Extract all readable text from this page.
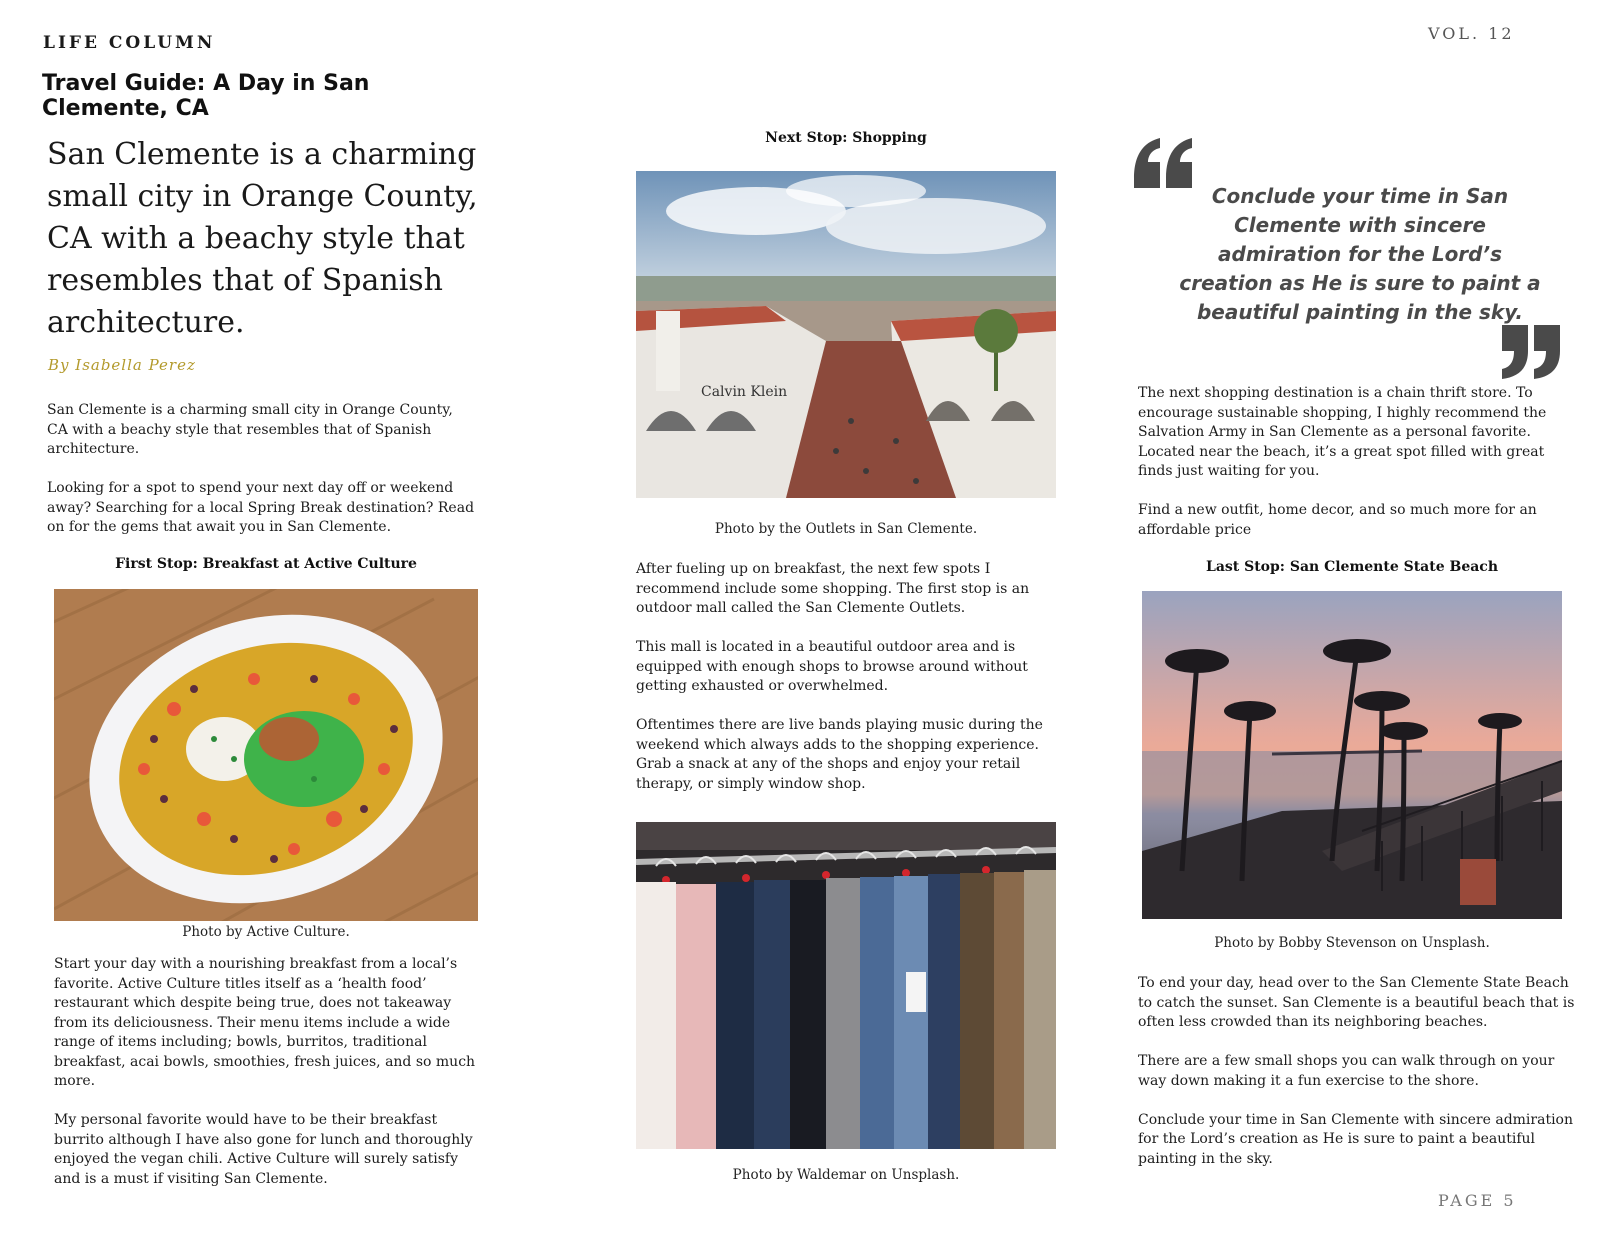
LIFE COLUMN	VOL. 12
PAGE 5
Travel Guide: A Day in San Clemente, CA
San Clemente is a charming small city in Orange County, CA with a beachy style that resembles that of Spanish architecture.
By Isabella Perez

San Clemente is a charming small city in Orange County, CA with a beachy style that resembles that of Spanish architecture.

Looking for a spot to spend your next day off or weekend away? Searching for a local Spring Break destination? Read on for the gems that await you in San Clemente.

First Stop: Breakfast at Active Culture
Photo by Active Culture.

Start your day with a nourishing breakfast from a local’s favorite. Active Culture titles itself as a ‘health food’ restaurant which despite being true, does not takeaway from its deliciousness. Their menu items include a wide range of items including; bowls, burritos, traditional breakfast, acai bowls, smoothies, fresh juices, and so much more.

My personal favorite would have to be their breakfast burrito although I have also gone for lunch and thoroughly enjoyed the vegan chili. Active Culture will surely satisfy and is a must if visiting San Clemente.

Next Stop: Shopping
Calvin Klein
Photo by the Outlets in San Clemente.

After fueling up on breakfast, the next few spots I recommend include some shopping. The first stop is an outdoor mall called the San Clemente Outlets.

This mall is located in a beautiful outdoor area and is equipped with enough shops to browse around without getting exhausted or overwhelmed.

Oftentimes there are live bands playing music during the weekend which always adds to the shopping experience. Grab a snack at any of the shops and enjoy your retail therapy, or simply window shop.

Photo by Waldemar on Unsplash.
Conclude your time in San Clemente with sincere admiration for the Lord’s creation as He is sure to paint a beautiful painting in the sky.

The next shopping destination is a chain thrift store. To encourage sustainable shopping, I highly recommend the Salvation Army in San Clemente as a personal favorite. Located near the beach, it’s a great spot filled with great finds just waiting for you.

Find a new outfit, home decor, and so much more for an affordable price

Last Stop: San Clemente State Beach
Photo by Bobby Stevenson on Unsplash.

To end your day, head over to the San Clemente State Beach to catch the sunset. San Clemente is a beautiful beach that is often less crowded than its neighboring beaches.

There are a few small shops you can walk through on your way down making it a fun exercise to the shore.

Conclude your time in San Clemente with sincere admiration for the Lord’s creation as He is sure to paint a beautiful painting in the sky.
